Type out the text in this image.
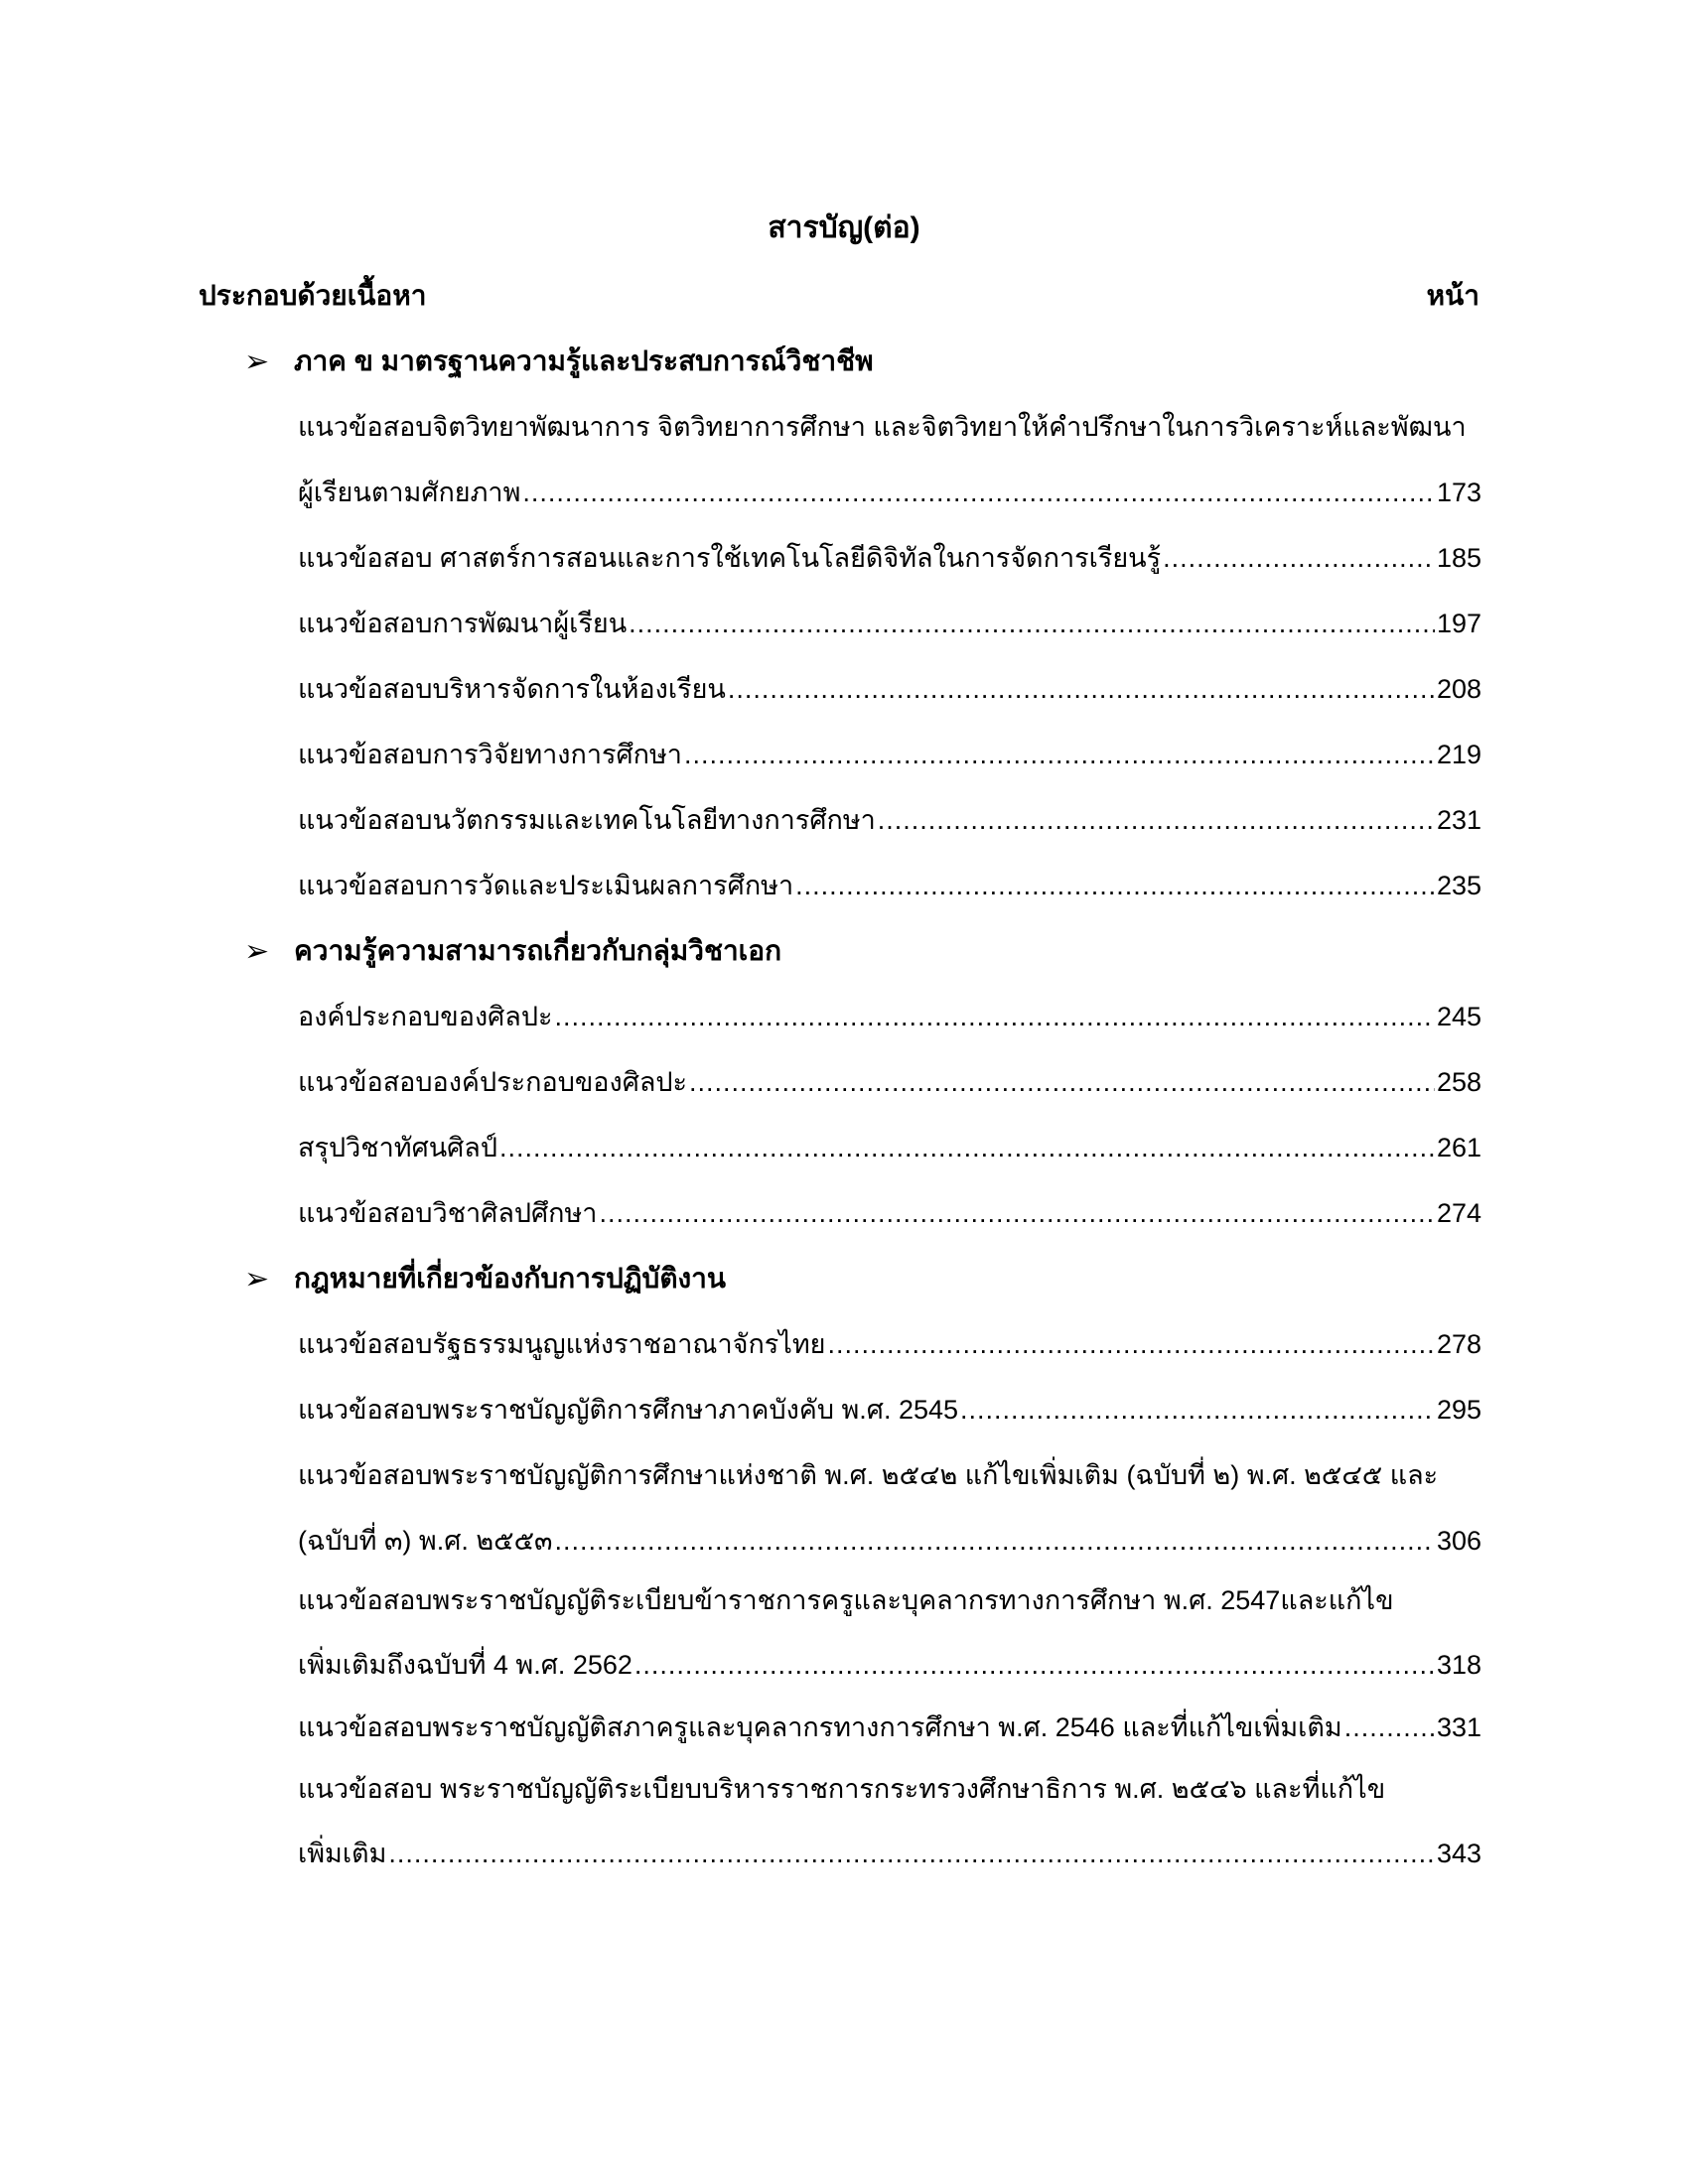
สารบัญ(ต่อ)
ประกอบด้วยเนื้อหา	หน้า
➢ ภาค ข มาตรฐานความรู้และประสบการณ์วิชาชีพ
แนวข้อสอบจิตวิทยาพัฒนาการ จิตวิทยาการศึกษา และจิตวิทยาให้คำปรึกษาในการวิเคราะห์และพัฒนา
ผู้เรียนตามศักยภาพ .....	173
แนวข้อสอบ ศาสตร์การสอนและการใช้เทคโนโลยีดิจิทัลในการจัดการเรียนรู้ .....	185
แนวข้อสอบการพัฒนาผู้เรียน .....	197
แนวข้อสอบบริหารจัดการในห้องเรียน .....	208
แนวข้อสอบการวิจัยทางการศึกษา .....	219
แนวข้อสอบนวัตกรรมและเทคโนโลยีทางการศึกษา .....	231
แนวข้อสอบการวัดและประเมินผลการศึกษา .....	235
➢ ความรู้ความสามารถเกี่ยวกับกลุ่มวิชาเอก
องค์ประกอบของศิลปะ .....	245
แนวข้อสอบองค์ประกอบของศิลปะ .....	258
สรุปวิชาทัศนศิลป์ .....	261
แนวข้อสอบวิชาศิลปศึกษา .....	274
➢ กฎหมายที่เกี่ยวข้องกับการปฏิบัติงาน
แนวข้อสอบรัฐธรรมนูญแห่งราชอาณาจักรไทย .....	278
แนวข้อสอบพระราชบัญญัติการศึกษาภาคบังคับ พ.ศ. 2545 .....	295
แนวข้อสอบพระราชบัญญัติการศึกษาแห่งชาติ พ.ศ. ๒๕๔๒ แก้ไขเพิ่มเติม (ฉบับที่ ๒) พ.ศ. ๒๕๔๕ และ
(ฉบับที่ ๓) พ.ศ. ๒๕๕๓ .....	306
แนวข้อสอบพระราชบัญญัติระเบียบข้าราชการครูและบุคลากรทางการศึกษา พ.ศ. 2547และแก้ไข
เพิ่มเติมถึงฉบับที่ 4 พ.ศ. 2562 .....	318
แนวข้อสอบพระราชบัญญัติสภาครูและบุคลากรทางการศึกษา พ.ศ. 2546 และที่แก้ไขเพิ่มเติม .....	331
แนวข้อสอบ พระราชบัญญัติระเบียบบริหารราชการกระทรวงศึกษาธิการ พ.ศ. ๒๕๔๖ และที่แก้ไข
เพิ่มเติม .....	343
